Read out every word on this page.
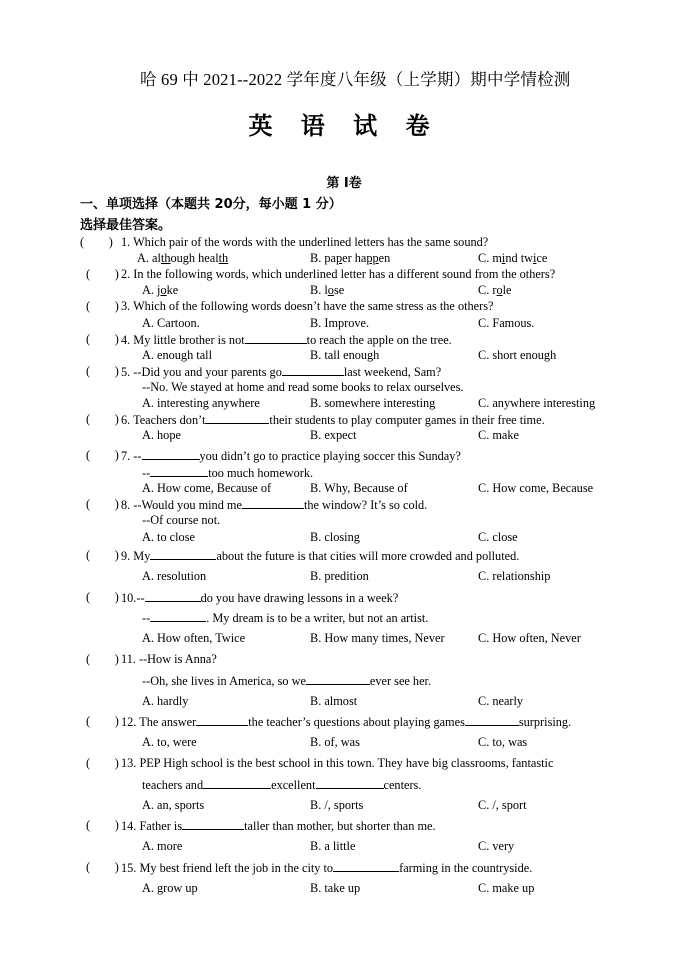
哈 69 中 2021--2022 学年度八年级（上学期）期中学情检测
英 语 试 卷
第 I卷
一、单项选择（本题共 20分，每小题 1 分）
选择最佳答案。
(　　) 1. Which pair of the words with the underlined letters has the same sound?
A. although health	B. paper happen	C. mind twice
(　　) 2. In the following words, which underlined letter has a different sound from the others?
A. joke	B. lose	C. role
(　　) 3. Which of the following words doesn’t have the same stress as the others?
A. Cartoon.	B. Improve.	C. Famous.
(　　) 4. My little brother is not	to reach the apple on the tree.
A. enough tall	B. tall enough	C. short enough
(　　) 5. --Did you and your parents go	last weekend, Sam?
--No. We stayed at home and read some books to relax ourselves.
A. interesting anywhere	B. somewhere interesting	C. anywhere interesting
(　　) 6. Teachers don’t	their students to play computer games in their free time.
A. hope	B. expect	C. make
(　　) 7. --	you didn’t go to practice playing soccer this Sunday?
--	too much homework.
A. How come, Because of	B. Why, Because of	C. How come, Because
(　　) 8. --Would you mind me	the window? It’s so cold.
--Of course not.
A. to close	B. closing	C. close
(　　) 9. My	about the future is that cities will more crowded and polluted.
A. resolution	B. predition	C. relationship
(　　) 10.--	do you have drawing lessons in a week?
--	. My dream is to be a writer, but not an artist.
A. How often, Twice	B. How many times, Never	C. How often, Never
(　　) 11. --How is Anna?
--Oh, she lives in America, so we	ever see her.
A. hardly	B. almost	C. nearly
(　　) 12. The answer	the teacher’s questions about playing games	surprising.
A. to, were	B. of, was	C. to, was
(　　) 13. PEP High school is the best school in this town. They have big classrooms, fantastic
teachers and	excellent	centers.
A. an, sports	B. /, sports	C. /, sport
(　　) 14. Father is	taller than mother, but shorter than me.
A. more	B. a little	C. very
(　　) 15. My best friend left the job in the city to	farming in the countryside.
A. grow up	B. take up	C. make up
